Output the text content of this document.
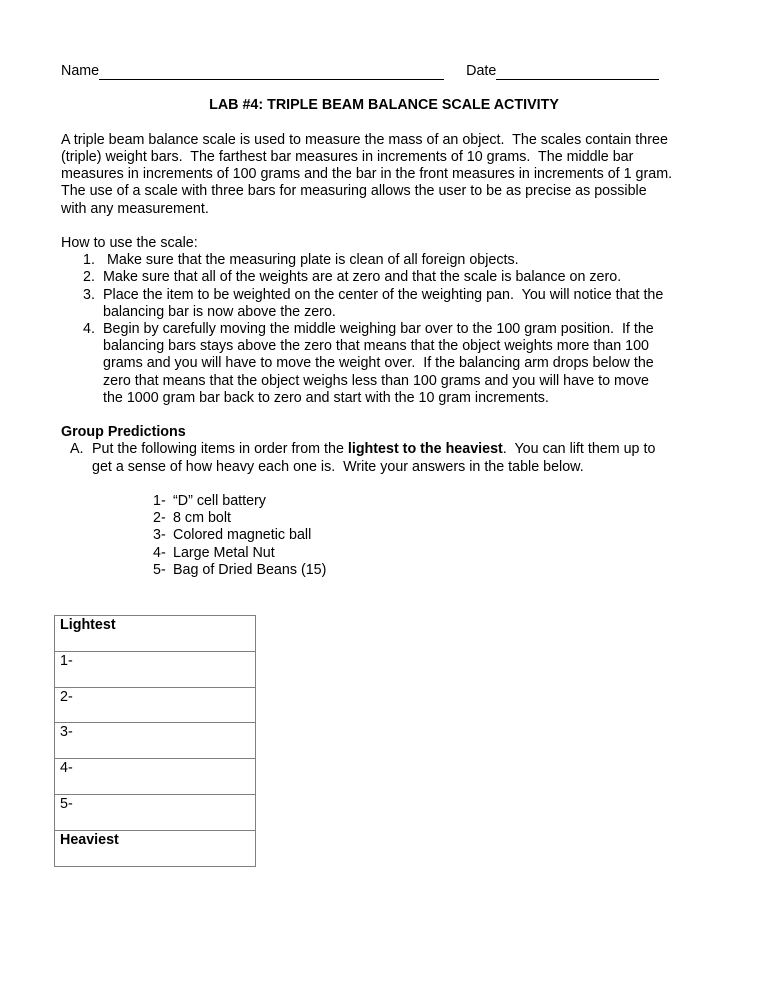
Name	Date
LAB #4: TRIPLE BEAM BALANCE SCALE ACTIVITY
A triple beam balance scale is used to measure the mass of an object.  The scales contain three
(triple) weight bars.  The farthest bar measures in increments of 10 grams.  The middle bar
measures in increments of 100 grams and the bar in the front measures in increments of 1 gram.
The use of a scale with three bars for measuring allows the user to be as precise as possible
with any measurement.
How to use the scale:
1. Make sure that the measuring plate is clean of all foreign objects.
2. Make sure that all of the weights are at zero and that the scale is balance on zero.
3. Place the item to be weighted on the center of the weighting pan.  You will notice that the
balancing bar is now above the zero.
4. Begin by carefully moving the middle weighing bar over to the 100 gram position.  If the
balancing bars stays above the zero that means that the object weights more than 100
grams and you will have to move the weight over.  If the balancing arm drops below the
zero that means that the object weighs less than 100 grams and you will have to move
the 1000 gram bar back to zero and start with the 10 gram increments.
Group Predictions
A. Put the following items in order from the lightest to the heaviest.  You can lift them up to
get a sense of how heavy each one is.  Write your answers in the table below.
1- “D” cell battery
2- 8 cm bolt
3- Colored magnetic ball
4- Large Metal Nut
5- Bag of Dried Beans (15)
Lightest
1-
2-
3-
4-
5-
Heaviest
